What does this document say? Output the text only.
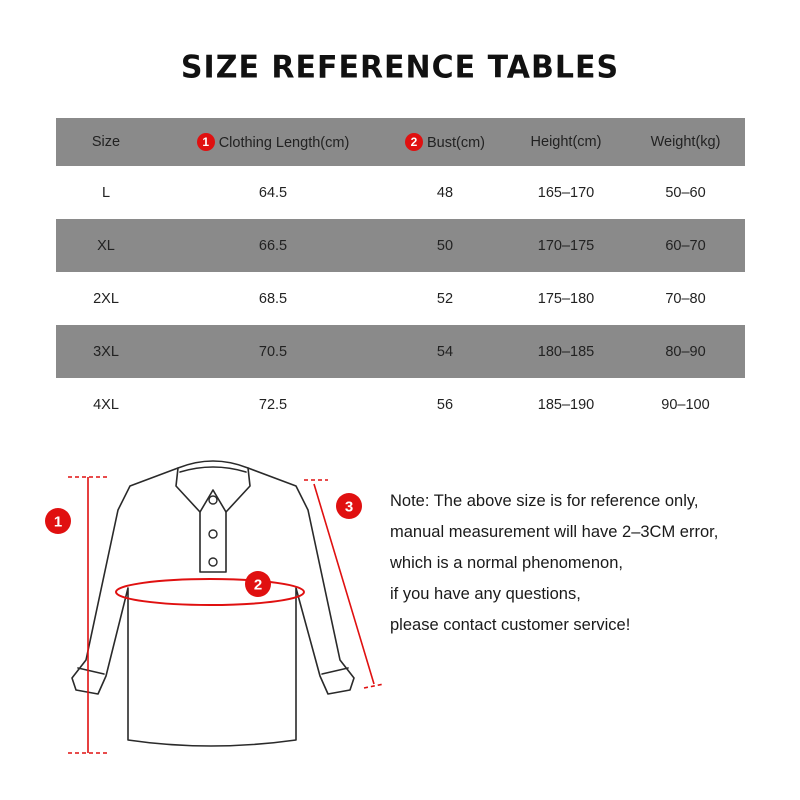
SIZE REFERENCE TABLES
Size	1 Clothing Length(cm)	2 Bust(cm)	Height(cm)	Weight(kg)
L	64.5	48	165–170	50–60
XL	66.5	50	170–175	60–70
2XL	68.5	52	175–180	70–80
3XL	70.5	54	180–185	80–90
4XL	72.5	56	185–190	90–100
1
2
3 Note: The above size is for reference only,
manual measurement will have 2–3CM error,
which is a normal phenomenon,
if you have any questions,
please contact customer service!
